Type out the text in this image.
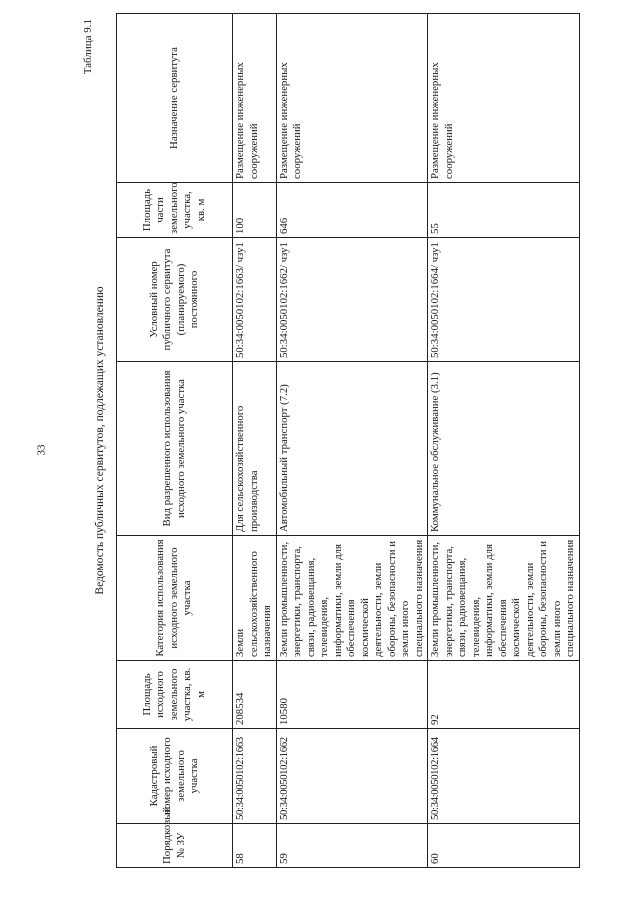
33
Таблица 9.1
Ведомость публичных сервитутов, подлежащих установлению
Порядковый № ЗУ	Кадастровый номер исходного земельного участка	Площадь исходного земельного участка, кв. м	Категория использования исходного земельного участка	Вид разрешенного использования исходного земельного участка	Условный номер публичного сервитута (планируемого) постоянного	Площадь части земельного участка, кв. м	Назначение сервитута
58	50:34:0050102:1663	208534	Земли сельскохозяйственного назначения	Для сельскохозяйственного производства	50:34:0050102:1663/ чзу1	100	Размещение инженерных сооружений
59	50:34:0050102:1662	10580	Земли промышленности, энергетики, транспорта, связи, радиовещания, телевидения, информатики, земли для обеспечения космической деятельности, земли обороны, безопасности и земли иного специального назначения	Автомобильный транспорт (7.2)	50:34:0050102:1662/ чзу1	646	Размещение инженерных сооружений
60	50:34:0050102:1664	92	Земли промышленности, энергетики, транспорта, связи, радиовещания, телевидения, информатики, земли для обеспечения космической деятельности, земли обороны, безопасности и земли иного специального назначения	Коммунальное обслуживание (3.1)	50:34:0050102:1664/ чзу1	55	Размещение инженерных сооружений
